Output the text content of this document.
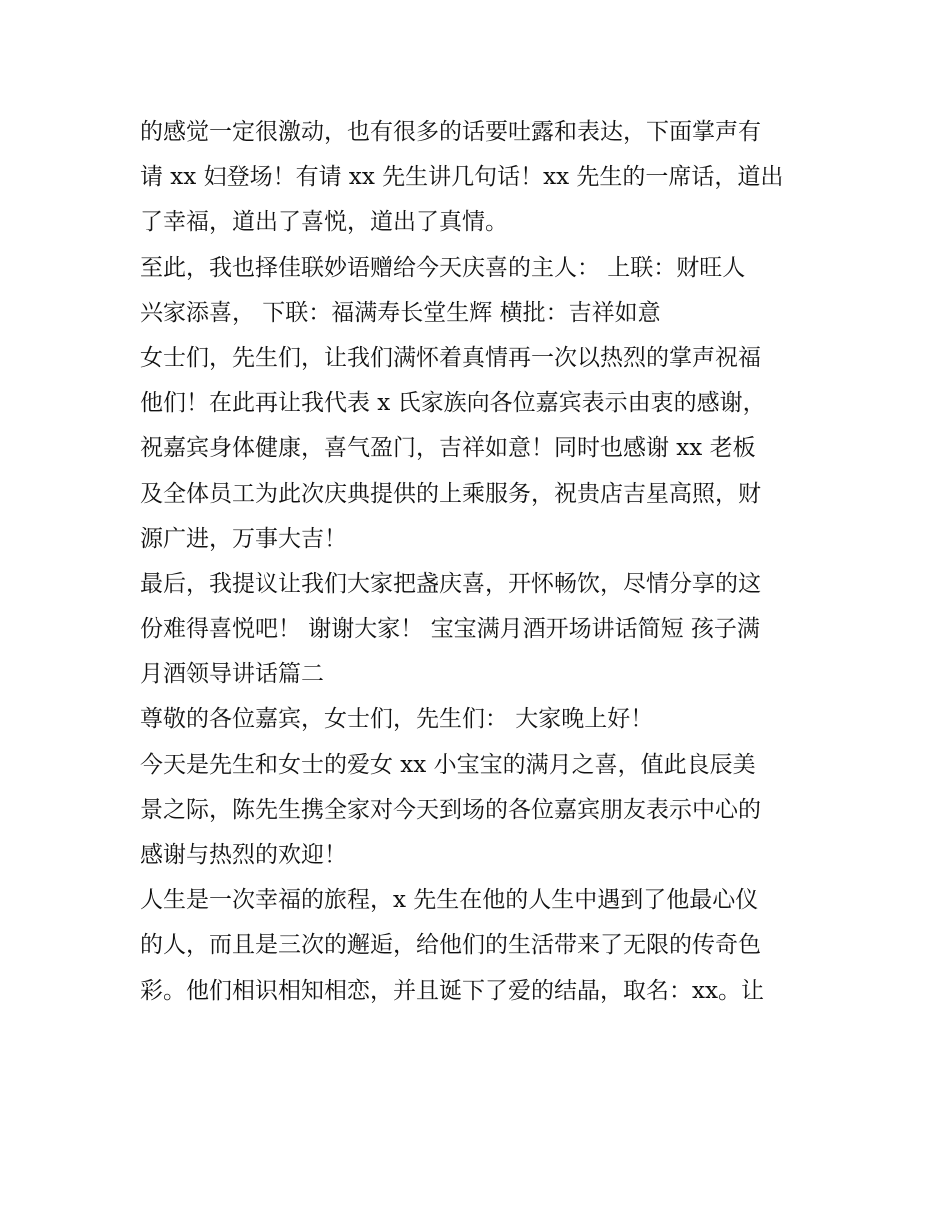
的感觉一定很激动，也有很多的话要吐露和表达，下面掌声有
请 xx 妇登场！有请 xx 先生讲几句话！xx 先生的一席话，道出
了幸福，道出了喜悦，道出了真情。
至此，我也择佳联妙语赠给今天庆喜的主人： 上联：财旺人
兴家添喜， 下联：福满寿长堂生辉 横批：吉祥如意
女士们，先生们，让我们满怀着真情再一次以热烈的掌声祝福
他们！在此再让我代表 x 氏家族向各位嘉宾表示由衷的感谢，
祝嘉宾身体健康，喜气盈门，吉祥如意！同时也感谢 xx 老板
及全体员工为此次庆典提供的上乘服务，祝贵店吉星高照，财
源广进，万事大吉！
最后，我提议让我们大家把盏庆喜，开怀畅饮，尽情分享的这
份难得喜悦吧！ 谢谢大家！ 宝宝满月酒开场讲话简短 孩子满
月酒领导讲话篇二
尊敬的各位嘉宾，女士们，先生们： 大家晚上好！
今天是先生和女士的爱女 xx 小宝宝的满月之喜，值此良辰美
景之际，陈先生携全家对今天到场的各位嘉宾朋友表示中心的
感谢与热烈的欢迎！
人生是一次幸福的旅程，x 先生在他的人生中遇到了他最心仪
的人，而且是三次的邂逅，给他们的生活带来了无限的传奇色
彩。他们相识相知相恋，并且诞下了爱的结晶，取名：xx。让
